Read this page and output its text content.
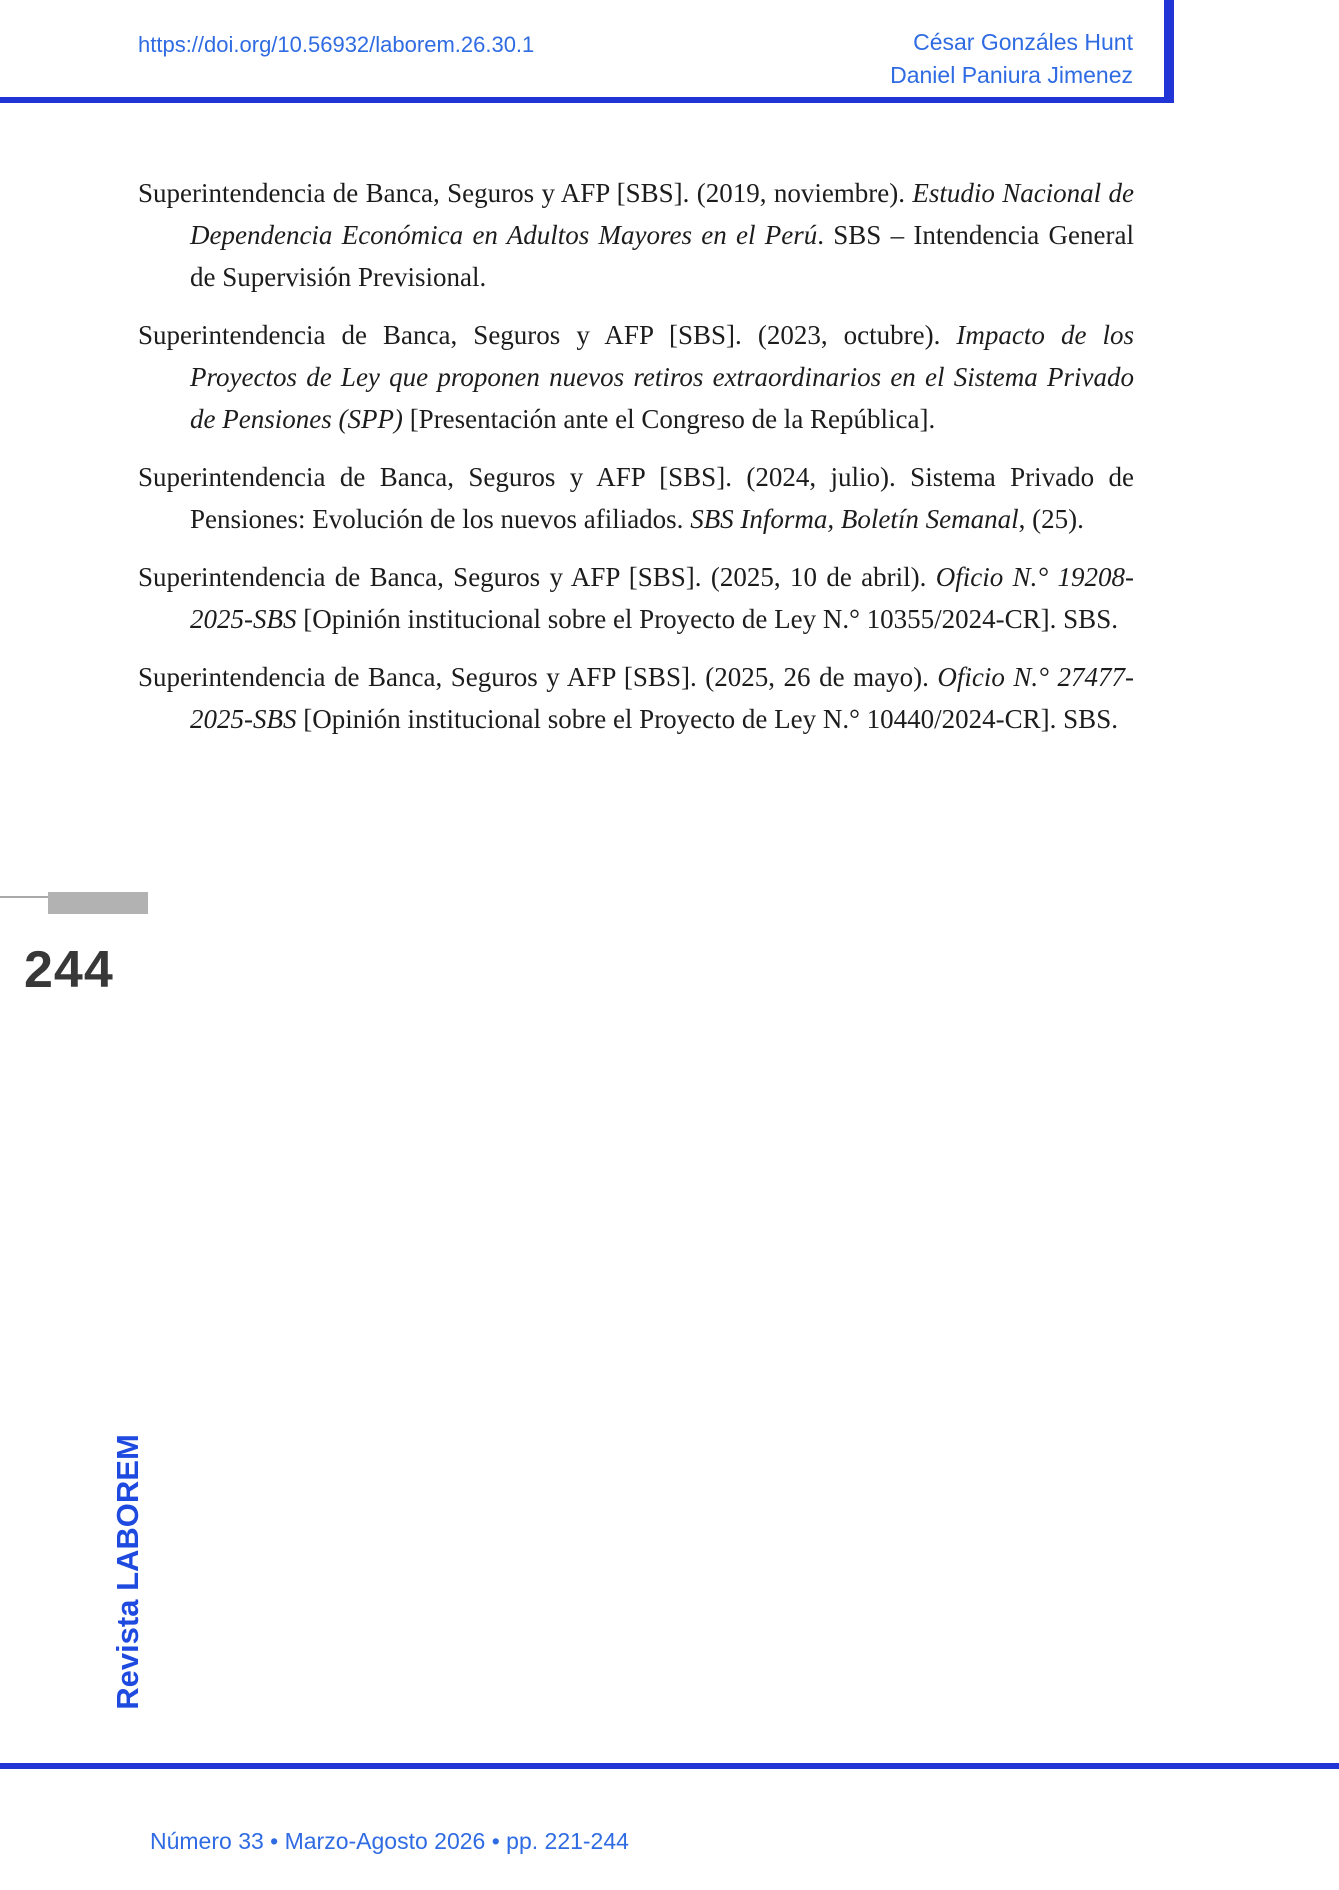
https://doi.org/10.56932/laborem.26.30.1	César Gonzáles Hunt
Daniel Paniura Jimenez

Superintendencia de Banca, Seguros y AFP [SBS]. (2019, noviembre). Estudio Nacional de Dependencia Económica en Adultos Mayores en el Perú. SBS – Intendencia General de Supervisión Previsional.

Superintendencia de Banca, Seguros y AFP [SBS]. (2023, octubre). Impacto de los Proyectos de Ley que proponen nuevos retiros extraordinarios en el Sistema Privado de Pensiones (SPP) [Presentación ante el Congreso de la República].

Superintendencia de Banca, Seguros y AFP [SBS]. (2024, julio). Sistema Privado de Pensiones: Evolución de los nuevos afiliados. SBS Informa, Boletín Semanal, (25).

Superintendencia de Banca, Seguros y AFP [SBS]. (2025, 10 de abril). Oficio N.° 19208-2025-SBS [Opinión institucional sobre el Proyecto de Ley N.° 10355/2024-CR]. SBS.

Superintendencia de Banca, Seguros y AFP [SBS]. (2025, 26 de mayo). Oficio N.° 27477-2025-SBS [Opinión institucional sobre el Proyecto de Ley N.° 10440/2024-CR]. SBS.

244
Revista LABOREM
Número 33 • Marzo-Agosto 2026 • pp. 221-244
